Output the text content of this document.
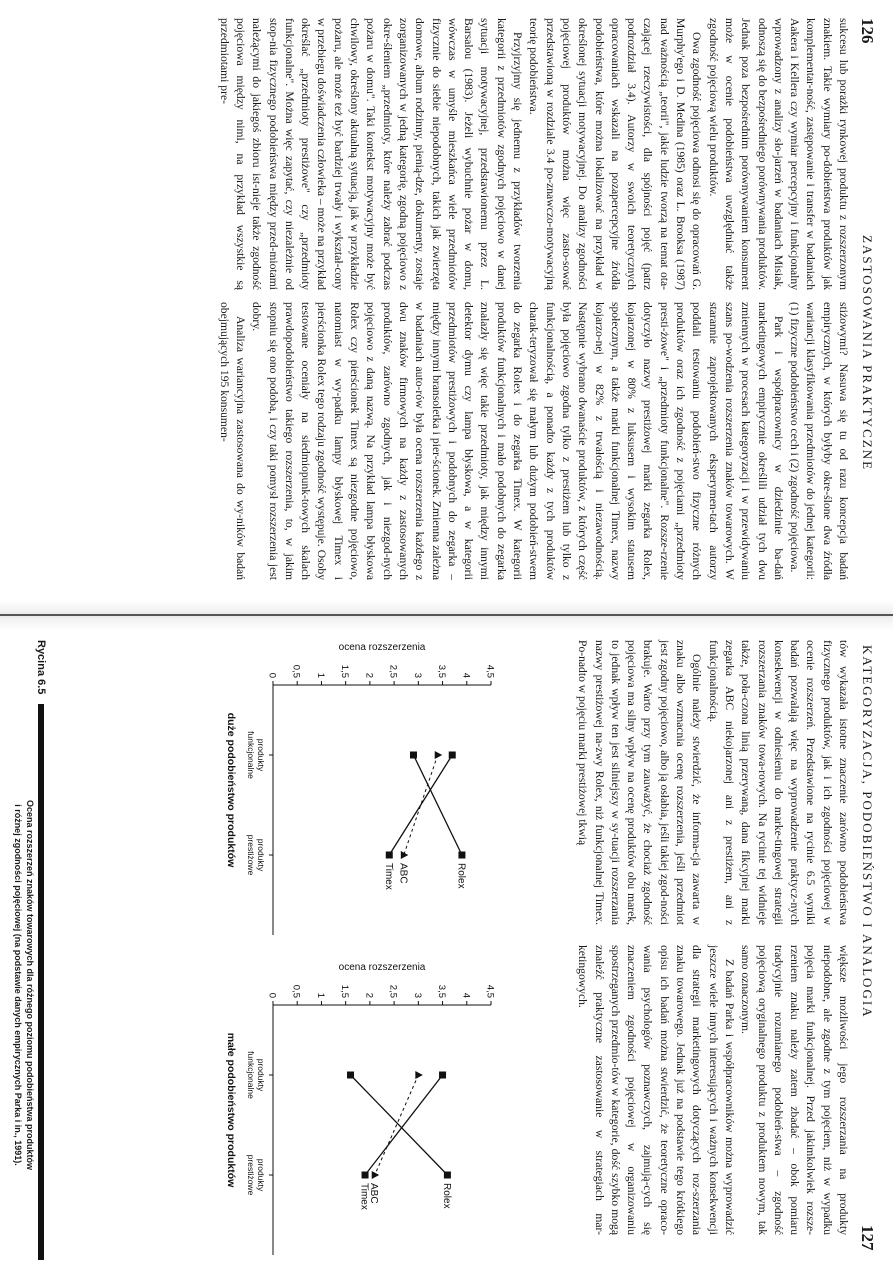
126
ZASTOSOWANIA PRAKTYCZNE

sukcesu lub porażki rynkowej produktu z rozszerzonym znakiem. Takie wymiary po-dobieństwa produktów jak komplementar-ność, zastępowanie i transfer w badaniach Aakera i Kellera czy wymiar percepcyjny i funkcjonalny wprowadzony z analizy sło-jarzeń w badaniach Misiak, odnoszą się do bezpośredniego porównywania produktów. Jednak poza bezpośrednim porównywaniem konsument może w ocenie podobieństwa uwzględniać także zgodność pojęciową wielu produktów.

Owa zgodność pojęciowa odnosi się do opracowań G. Murphy'ego i D. Medina (1985) oraz L. Brooksa (1987) nad ważnością „teorii", jakie ludzie tworzą na temat ota-czającej rzeczywistości, dla spójności pojęć (patrz podrozdział 3.4). Autorzy w swoich teoretycznych opracowaniach wskazali na pozapercepcyjne źródła podobieństwa, które można lokalizować na przykład w określonej sytuacji motywacyjnej. Do analizy zgodności pojęciowej produktów można więc zasto-sować przedstawioną w rozdziale 3.4 po-znawczo-motywacyjną teorię podobieństwa.

Przyjrzyjmy się jednemu z przykładów tworzenia kategorii z przedmiotów zgodnych pojęciowo w danej sytuacji motywacyjnej, przedstawionemu przez L. Barsalou (1983). Jeżeli wybuchnie pożar w domu, wówczas w umyśle mieszkańca wiele przedmiotów fizycznie do siebie niepodobnych, takich jak zwierzęta domowe, album rodzinny, pienią-dze, dokumenty, zostaje zorganizowanych w jedną kategorię, zgodną pojęciowo z okre-śleniem „przedmioty, które należy zabrać podczas pożaru w domu". Taki kontekst motywacyjny może być chwilowy, określony aktualną sytuacją, jak w przykładzie pożaru, ale może też być bardziej trwały i wykształ-cony w przebiegu doświadczenia człowieka – może na przykład określać „przedmioty prestiżowe" czy „przedmioty funkcjonalne". Można więc zapytać, czy niezależnie od stop-nia fizycznego podobieństwa między przed-miotami należącymi do jakiegoś zbioru ist-nieje także zgodność pojęciowa między nimi, na przykład wszystkie są przedmiotami pre-

stiżowymi? Nasuwa się tu od razu koncepcja badań empirycznych, w których byłyby okre-ślone dwa źródła wariancji klasyfikowania przedmiotów do jednej kategorii: (1) fizyczne podobieństwo cech i (2) zgodność pojęciowa.

Park i współpracownicy w dziedzinie ba-dań marketingowych empirycznie określili udział tych dwu zmiennych w procesach kategoryzacji i w przewidywaniu szans po-wodzenia rozszerzenia znaków towarowych. W starannie zaprojektowanych eksperymen-tach autorzy poddali testowaniu podobień-stwo fizyczne różnych produktów oraz ich zgodność z pojęciami „przedmioty presti-żowe" i „przedmioty funkcjonalne". Rozsze-rzenie dotyczyło nazwy prestiżowej marki zegarka Rolex, kojarzonej w 80% z luksusem i wysokim statusem społecznym, a także marki funkcjonalnej Timex, nazwy kojarzo-nej w 82% z trwałością i niezawodnością. Następnie wybrano dwanaście produktów, z których część była pojęciowo zgodna tylko z prestiżem lub tylko z funkcjonalnością, a ponadto każdy z tych produktów charak-teryzował się małym lub dużym podobień-stwem do zegarka Rolex i do zegarka Timex. W kategorii produktów funkcjonalnych i mało podobnych do zegarka znalazły się więc takie przedmioty, jak między innymi detektor dymu czy lampa błyskowa, a w kategorii przedmiotów prestiżowych i podobnych do zegarka – między innymi bransoletka i pier-ścionek. Zmienna zależna w badaniach auto-rów była ocena rozszerzenia każdego z dwu znaków firmowych na każdy z zastosowanych produktów, zarówno zgodnych, jak i niezgod-nych pojęciowo z daną nazwą. Na przykład lampa błyskowa Rolex czy pierścionek Timex są niezgodne pojęciowo, natomiast w wy-padku lampy błyskowej Timex i pierścionka Rolex tego rodzaju zgodność występuje. Osoby testowane oceniały na siedmiopunk-towych skalach prawdopodobieństwo takiego rozszerzenia, to, w jakim stopniu się ono podoba, i czy taki pomysł rozszerzenia jest dobry.

Analiza wariancyjna zastosowana do wy-ników badań obejmujących 195 konsumen-

KATEGORYZACJA, PODOBIEŃSTWO I ANALOGIA
127

tów wykazała istotne znaczenie zarówno podobieństwa fizycznego produktów, jak i ich zgodności pojęciowej w ocenie rozszerzeń. Przedstawione na rycinie 6.5 wyniki badań pozwalają więc na wyprowadzenie praktycz-nych konsekwencji w odniesieniu do marke-tingowej strategii rozszerzania znaków towa-rowych. Na rycinie tej widnieje także, poła-czona linią przerywaną, dana fikcyjnej marki zegarka ABC niekojarzonej ani z prestiżem, ani z funkcjonalnością.

Ogólnie należy stwierdzić, że informa-cja zawarta w znaku albo wzmacnia ocenę rozszerzenia, jeśli przedmiot jest zgodny pojęciowo, albo ją osłabia, jeśli takiej zgod-ności brakuje. Warto przy tym zauważyć, że chociaż zgodność pojęciowa ma silny wpływ na ocenę produktów obu marek, to jednak wpływ ten jest silniejszy w sy-tuacji rozszerzania nazwy prestiżowej na-zwy Rolex, niż funkcjonalnej Timex. Po-nadto w pojęciu marki prestiżowej tkwią

większe możliwości jego rozszerzania na produkty niepodobne, ale zgodne z tym pojęciem, niż w wypadku pojęcia marki funkcjonalnej. Przed jakimkolwiek rozsze-rzeniem znaku należy zatem zbadać – obok pomiaru tradycyjnie rozumianego podobień-stwa – zgodność pojęciową oryginalnego produktu z produktem nowym, tak samo oznaczonym.

Z badań Parka i współpracowników można wyprowadzić jeszcze wiele innych interesujących i ważnych konsekwencji dla strategii marketingowych dotyczących roz-szerzania znaku towarowego. Jednak już na podstawie tego krótkiego opisu ich badań można stwierdzić, że teoretyczne opraco-wania psychologów poznawczych, zajmują-cych się znaczeniem zgodności pojęciowej w organizowaniu spostrzeganych przedmio-tów w kategorie, dość szybko mogą znaleźć praktyczne zastosowanie w strategiach mar-ketingowych.

ocena rozszerzenia
0 0,5 1 1,5 2 2,5 3 3,5 4 4,5
produkty
funkcjonalne
produkty
prestiżowe
duże podobieństwo produktów
Rolex
ABC
Timex
ocena rozszerzenia
0 0,5 1 1,5 2 2,5 3 3,5 4 4,5
produkty
funkcjonalne
produkty
prestiżowe
małe podobieństwo produktów
Rolex
ABC
Timex
Rycina 6.5
Ocena rozszerzeń znaków towarowych dla różnego poziomu podobieństwa produktów
i różnej zgodności pojęciowej (na podstawie danych empirycznych Parka i in., 1991).
